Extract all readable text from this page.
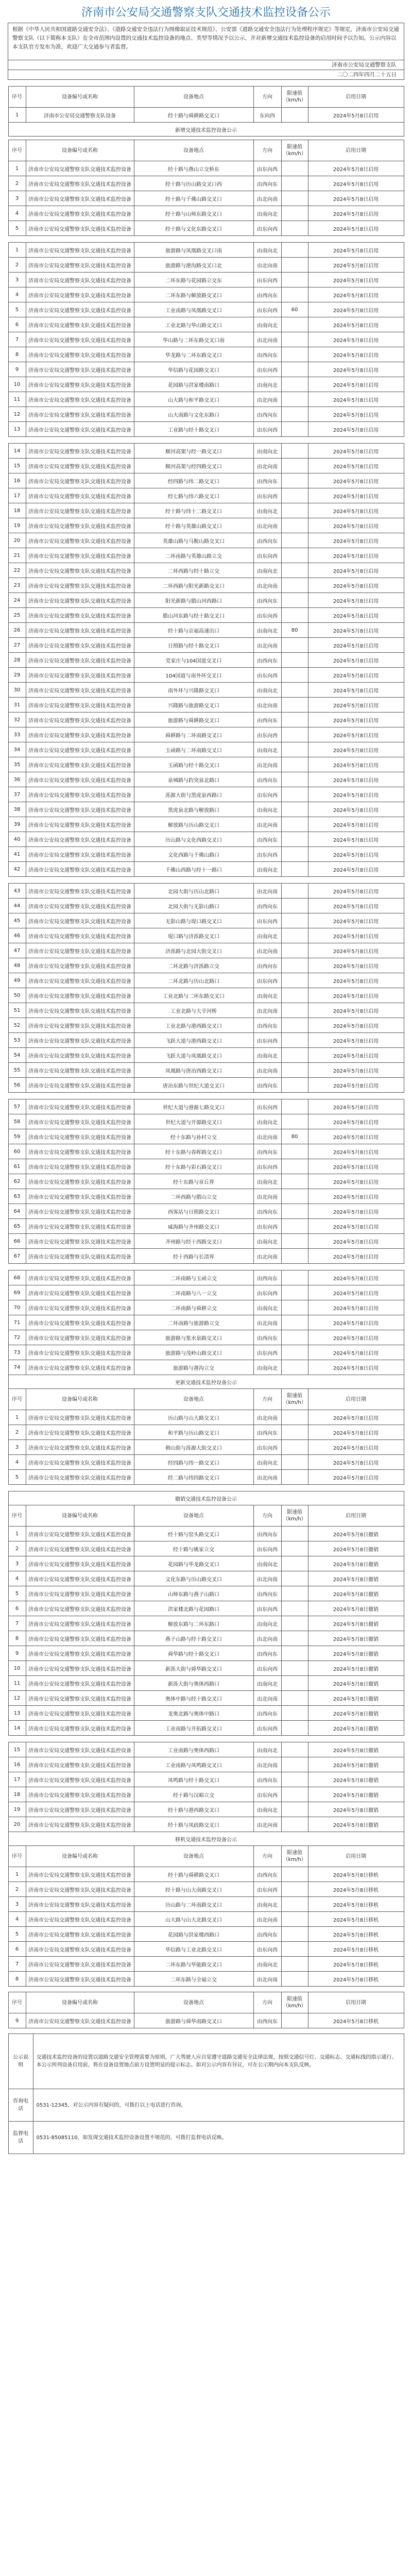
济南市公安局交通警察支队交通技术监控设备公示
根据《中华人民共和国道路交通安全法》、《道路交通安全违法行为图像取证技术规范》、公安部《道路交通安全违法行为处理程序规定》等规定，济南市公安局交通警察支队（以下简称本支队）在全市范围内设置的交通技术监控设备的地点、类型等情况予以公示，并对新增交通技术监控设备的启用时间予以告知。公示内容以本支队官方发布为准，欢迎广大交通参与者监督。
济南市公安局交通警察支队
二〇二四年四月二十五日

序号	设备编号或名称	设备地点	方向	限速值（km/h）	启用日期
1	济南市公安局交通警察支队设备	经十路与舜耕路交叉口	东向西		2024年5月8日启用
新增交通技术监控设备公示					

序号	设备编号或名称	设备地点	方向	限速值（km/h）	启用日期
1	济南市公安局交通警察支队交通技术监控设备	经十路与燕山立交桥东	由东向西		2024年5月8日启用
2	济南市公安局交通警察支队交通技术监控设备	经十路与历山路交叉口西	由西向东		2024年5月8日启用
3	济南市公安局交通警察支队交通技术监控设备	经十路与千佛山路交叉口	由北向南		2024年5月8日启用
4	济南市公安局交通警察支队交通技术监控设备	经十路与山师东路交叉口	由南向北		2024年5月8日启用
5	济南市公安局交通警察支队交通技术监控设备	经十路与文化东路交叉口	由东向西		2024年5月8日启用

1	济南市公安局交通警察支队交通技术监控设备	旅游路与凤凰路交叉口南	由南向北		2024年5月8日启用
2	济南市公安局交通警察支队交通技术监控设备	旅游路与港沟路交叉口北	由北向南		2024年5月8日启用
3	济南市公安局交通警察支队交通技术监控设备	二环东路与花园路立交东	由东向西		2024年5月8日启用
4	济南市公安局交通警察支队交通技术监控设备	二环东路与解放路交叉口	由西向东		2024年5月8日启用
5	济南市公安局交通警察支队交通技术监控设备	工业南路与凤凰路交叉口	由东向西	60	2024年5月8日启用
6	济南市公安局交通警察支队交通技术监控设备	工业北路与华山路交叉口	由南向北		2024年5月8日启用
7	济南市公安局交通警察支队交通技术监控设备	华山路与二环东路交叉口南	由北向南		2024年5月8日启用
8	济南市公安局交通警察支队交通技术监控设备	华龙路与二环东路交叉口	由西向东		2024年5月8日启用
9	济南市公安局交通警察支队交通技术监控设备	华信路与花园路交叉口	由东向西		2024年5月8日启用
10	济南市公安局交通警察支队交通技术监控设备	花园路与洪家楼南路口	由南向北		2024年5月8日启用
11	济南市公安局交通警察支队交通技术监控设备	山大路与和平路交叉口	由北向南		2024年5月8日启用
12	济南市公安局交通警察支队交通技术监控设备	山大南路与文化东路口	由西向东		2024年5月8日启用
13	济南市公安局交通警察支队交通技术监控设备	工业路与经十路交叉口	由东向西		2024年5月8日启用

14	济南市公安局交通警察支队交通技术监控设备	顺河高架与经一路交叉口	由南向北		2024年5月8日启用
15	济南市公安局交通警察支队交通技术监控设备	顺河高架与经四路交叉口	由北向南		2024年5月8日启用
16	济南市公安局交通警察支队交通技术监控设备	经四路与纬二路交叉口	由西向东		2024年5月8日启用
17	济南市公安局交通警察支队交通技术监控设备	经七路与纬六路交叉口	由东向西		2024年5月8日启用
18	济南市公安局交通警察支队交通技术监控设备	经十路与纬十二路交叉口	由南向北		2024年5月8日启用
19	济南市公安局交通警察支队交通技术监控设备	经十路与英雄山路交叉口	由北向南		2024年5月8日启用
20	济南市公安局交通警察支队交通技术监控设备	英雄山路与马鞍山路交叉口	由西向东		2024年5月8日启用
21	济南市公安局交通警察支队交通技术监控设备	二环南路与英雄山路立交	由东向西		2024年5月8日启用
22	济南市公安局交通警察支队交通技术监控设备	二环西路与经十路立交	由南向北		2024年5月8日启用
23	济南市公安局交通警察支队交通技术监控设备	二环西路与阳光新路交叉口	由北向南		2024年5月8日启用
24	济南市公安局交通警察支队交通技术监控设备	阳光新路与腊山河西路口	由西向东		2024年5月8日启用
25	济南市公安局交通警察支队交通技术监控设备	腊山河东路与经十路交叉口	由东向西		2024年5月8日启用
26	济南市公安局交通警察支队交通技术监控设备	经十路与京福高速出口	由南向北	80	2024年5月8日启用
27	济南市公安局交通警察支队交通技术监控设备	日照路与经十路交叉口	由北向南		2024年5月8日启用
28	济南市公安局交通警察支队交通技术监控设备	党家庄与104国道交叉口	由西向东		2024年5月8日启用
29	济南市公安局交通警察支队交通技术监控设备	104国道与南外环交叉口	由东向西		2024年5月8日启用
30	济南市公安局交通警察支队交通技术监控设备	南外环与兴隆路交叉口	由南向北		2024年5月8日启用
31	济南市公安局交通警察支队交通技术监控设备	兴隆路与旅游路交叉口	由北向南		2024年5月8日启用
32	济南市公安局交通警察支队交通技术监控设备	旅游路与舜耕路交叉口	由西向东		2024年5月8日启用
33	济南市公安局交通警察支队交通技术监控设备	舜耕路与二环南路交叉口	由东向西		2024年5月8日启用
34	济南市公安局交通警察支队交通技术监控设备	玉函路与二环南路交叉口	由南向北		2024年5月8日启用
35	济南市公安局交通警察支队交通技术监控设备	玉函路与经十路交叉口	由北向南		2024年5月8日启用
36	济南市公安局交通警察支队交通技术监控设备	泉城路与趵突泉北路口	由西向东		2024年5月8日启用
37	济南市公安局交通警察支队交通技术监控设备	泺源大街与黑虎泉西路口	由东向西		2024年5月8日启用
38	济南市公安局交通警察支队交通技术监控设备	黑虎泉北路与解放路口	由南向北		2024年5月8日启用
39	济南市公安局交通警察支队交通技术监控设备	解放路与历山路交叉口	由北向南		2024年5月8日启用
40	济南市公安局交通警察支队交通技术监控设备	历山路与文化西路交叉口	由西向东		2024年5月8日启用
41	济南市公安局交通警察支队交通技术监控设备	文化西路与千佛山路口	由东向西		2024年5月8日启用
42	济南市公安局交通警察支队交通技术监控设备	千佛山西路与经十一路口	由南向北		2024年5月8日启用

43	济南市公安局交通警察支队交通技术监控设备	北园大街与历山北路口	由北向南		2024年5月8日启用
44	济南市公安局交通警察支队交通技术监控设备	北园大街与无影山路口	由西向东		2024年5月8日启用
45	济南市公安局交通警察支队交通技术监控设备	无影山路与堤口路交叉口	由东向西		2024年5月8日启用
46	济南市公安局交通警察支队交通技术监控设备	堤口路与济泺路交叉口	由南向北		2024年5月8日启用
47	济南市公安局交通警察支队交通技术监控设备	济泺路与北园大街交叉口	由北向南		2024年5月8日启用
48	济南市公安局交通警察支队交通技术监控设备	二环北路与济泺路立交	由西向东		2024年5月8日启用
49	济南市公安局交通警察支队交通技术监控设备	二环北路与历山北路口	由东向西		2024年5月8日启用
50	济南市公安局交通警察支队交通技术监控设备	工业北路与二环东路交叉口	由南向北		2024年5月8日启用
51	济南市公安局交通警察支队交通技术监控设备	工业北路与大辛河桥	由北向南		2024年5月8日启用
52	济南市公安局交通警察支队交通技术监控设备	工业北路与港西路交叉口	由西向东		2024年5月8日启用
53	济南市公安局交通警察支队交通技术监控设备	飞跃大道与港西路交叉口	由东向西		2024年5月8日启用
54	济南市公安局交通警察支队交通技术监控设备	飞跃大道与凤凰路交叉口	由南向北		2024年5月8日启用
55	济南市公安局交通警察支队交通技术监控设备	凤凰路与唐冶西路交叉口	由北向南		2024年5月8日启用
56	济南市公安局交通警察支队交通技术监控设备	唐冶东路与世纪大道交叉口	由西向东		2024年5月8日启用

57	济南市公安局交通警察支队交通技术监控设备	世纪大道与港源七路交叉口	由东向西		2024年5月8日启用
58	济南市公安局交通警察支队交通技术监控设备	世纪大道与开源路交叉口	由南向北		2024年5月8日启用
59	济南市公安局交通警察支队交通技术监控设备	经十东路与孙村立交	由北向南	80	2024年5月8日启用
60	济南市公安局交通警察支队交通技术监控设备	经十东路与春晖路交叉口	由西向东		2024年5月8日启用
61	济南市公安局交通警察支队交通技术监控设备	经十东路与彩石路交叉口	由东向西		2024年5月8日启用
62	济南市公安局交通警察支队交通技术监控设备	经十东路与章丘界	由南向北		2024年5月8日启用
63	济南市公安局交通警察支队交通技术监控设备	二环西路与腊山立交	由北向南		2024年5月8日启用
64	济南市公安局交通警察支队交通技术监控设备	西客站与日照路交叉口	由西向东		2024年5月8日启用
65	济南市公安局交通警察支队交通技术监控设备	威海路与齐州路交叉口	由东向西		2024年5月8日启用
66	济南市公安局交通警察支队交通技术监控设备	齐州路与经十西路交叉口	由南向北		2024年5月8日启用
67	济南市公安局交通警察支队交通技术监控设备	经十西路与长清界	由北向南		2024年5月8日启用

68	济南市公安局交通警察支队交通技术监控设备	二环南路与玉函立交	由西向东		2024年5月8日启用
69	济南市公安局交通警察支队交通技术监控设备	二环南路与八一立交	由东向西		2024年5月8日启用
70	济南市公安局交通警察支队交通技术监控设备	二环南路与舜耕立交	由南向北		2024年5月8日启用
71	济南市公安局交通警察支队交通技术监控设备	二环南路与旅游路立交	由北向南		2024年5月8日启用
72	济南市公安局交通警察支队交通技术监控设备	旅游路与浆水泉路交叉口	由西向东		2024年5月8日启用
73	济南市公安局交通警察支队交通技术监控设备	旅游路与茂岭山路交叉口	由东向西		2024年5月8日启用
74	济南市公安局交通警察支队交通技术监控设备	旅游路与港沟立交	由南向北		2024年5月8日启用
更新交通技术监控设备公示					
序号	设备编号或名称	设备地点	方向	限速值（km/h）	启用日期
1	济南市公安局交通警察支队交通技术监控设备	历山路与山大路交叉口	由北向南		2024年5月8日启用
2	济南市公安局交通警察支队交通技术监控设备	和平路与历山路交叉口	由西向东		2024年5月8日启用
3	济南市公安局交通警察支队交通技术监控设备	朝山街与泺源大街交叉口	由东向西		2024年5月8日启用
4	济南市公安局交通警察支队交通技术监控设备	经四路与纬一路交叉口	由南向北		2024年5月8日启用
5	济南市公安局交通警察支队交通技术监控设备	经二路与纬四路交叉口	由北向南		2024年5月8日启用

撤销交通技术监控设备公示					
序号	设备编号或名称	设备地点	方向	限速值（km/h）	启用日期
1	济南市公安局交通警察支队交通技术监控设备	经十路与窑头路交叉口	由西向东		2024年5月8日撤销
2	济南市公安局交通警察支队交通技术监控设备	经十路与姚家立交	由东向西		2024年5月8日撤销
3	济南市公安局交通警察支队交通技术监控设备	花园路与华龙路交叉口	由南向北		2024年5月8日撤销
4	济南市公安局交通警察支队交通技术监控设备	文化东路与历山路交叉口	由北向南		2024年5月8日撤销
5	济南市公安局交通警察支队交通技术监控设备	山师东路与燕子山路口	由西向东		2024年5月8日撤销
6	济南市公安局交通警察支队交通技术监控设备	洪家楼北路与花园路口	由东向西		2024年5月8日撤销
7	济南市公安局交通警察支队交通技术监控设备	解放东路与二环东路口	由南向北		2024年5月8日撤销
8	济南市公安局交通警察支队交通技术监控设备	燕子山路与经十路交叉口	由北向南		2024年5月8日撤销
9	济南市公安局交通警察支队交通技术监控设备	舜华路与经十路交叉口	由西向东		2024年5月8日撤销
10	济南市公安局交通警察支队交通技术监控设备	新泺大街与舜华路交叉口	由东向西		2024年5月8日撤销
11	济南市公安局交通警察支队交通技术监控设备	新泺大街与奥体西路口	由南向北		2024年5月8日撤销
12	济南市公安局交通警察支队交通技术监控设备	奥体中路与经十路交叉口	由北向南		2024年5月8日撤销
13	济南市公安局交通警察支队交通技术监控设备	龙奥北路与奥体中路口	由西向东		2024年5月8日撤销
14	济南市公安局交通警察支队交通技术监控设备	工业南路与开拓路交叉口	由东向西		2024年5月8日撤销

15	济南市公安局交通警察支队交通技术监控设备	工业南路与奥体西路口	由南向北		2024年5月8日撤销
16	济南市公安局交通警察支队交通技术监控设备	工业南路与凤鸣路交叉口	由北向南		2024年5月8日撤销
17	济南市公安局交通警察支队交通技术监控设备	凤鸣路与经十路交叉口	由西向东		2024年5月8日撤销
18	济南市公安局交通警察支队交通技术监控设备	经十路与汉峪立交	由东向西		2024年5月8日撤销
19	济南市公安局交通警察支队交通技术监控设备	经十路与港西路交叉口	由南向北		2024年5月8日撤销
20	济南市公安局交通警察支队交通技术监控设备	经十路与凤歧路交叉口	由北向南		2024年5月8日撤销
移机交通技术监控设备公示					
序号	设备编号或名称	设备地点	方向	限速值（km/h）	启用日期
1	济南市公安局交通警察支队交通技术监控设备	经十路与舜耕路交叉口	由西向东		2024年5月8日移机
2	济南市公安局交通警察支队交通技术监控设备	经十路与山大南路交叉口	由东向西		2024年5月8日移机
3	济南市公安局交通警察支队交通技术监控设备	历山路与二环南路交叉口	由南向北		2024年5月8日移机
4	济南市公安局交通警察支队交通技术监控设备	山大路与山大北路交叉口	由北向南		2024年5月8日移机
5	济南市公安局交通警察支队交通技术监控设备	花园路与洪家楼西路口	由西向东		2024年5月8日移机
6	济南市公安局交通警察支队交通技术监控设备	华信路与工业北路交叉口	由东向西		2024年5月8日移机
7	济南市公安局交通警察支队交通技术监控设备	二环东路与华能路交叉口	由南向北		2024年5月8日移机
8	济南市公安局交通警察支队交通技术监控设备	二环东路与全福立交	由北向南		2024年5月8日移机

序号	设备编号或名称	设备地点	方向	限速值（km/h）	启用日期
9	济南市公安局交通警察支队交通技术监控设备	旅游路与舜华南路交叉口	由西向东		2024年5月8日移机
公示说明	交通技术监控设备的设置以道路交通安全管理需要为原则，广大驾驶人应自觉遵守道路交通安全法律法规，按照交通信号灯、交通标志、交通标线的指示通行。本公示所列设备启用前，将在设备设置地点前方设置明显的提示标志。如对公示内容有异议，可在公示期内向本支队反映。
咨询电话	0531-12345，对公示内容有疑问的，可拨打以上电话进行咨询。
监督电话	0531-85085110，如发现交通技术监控设备设置不规范的，可拨打监督电话反映。
